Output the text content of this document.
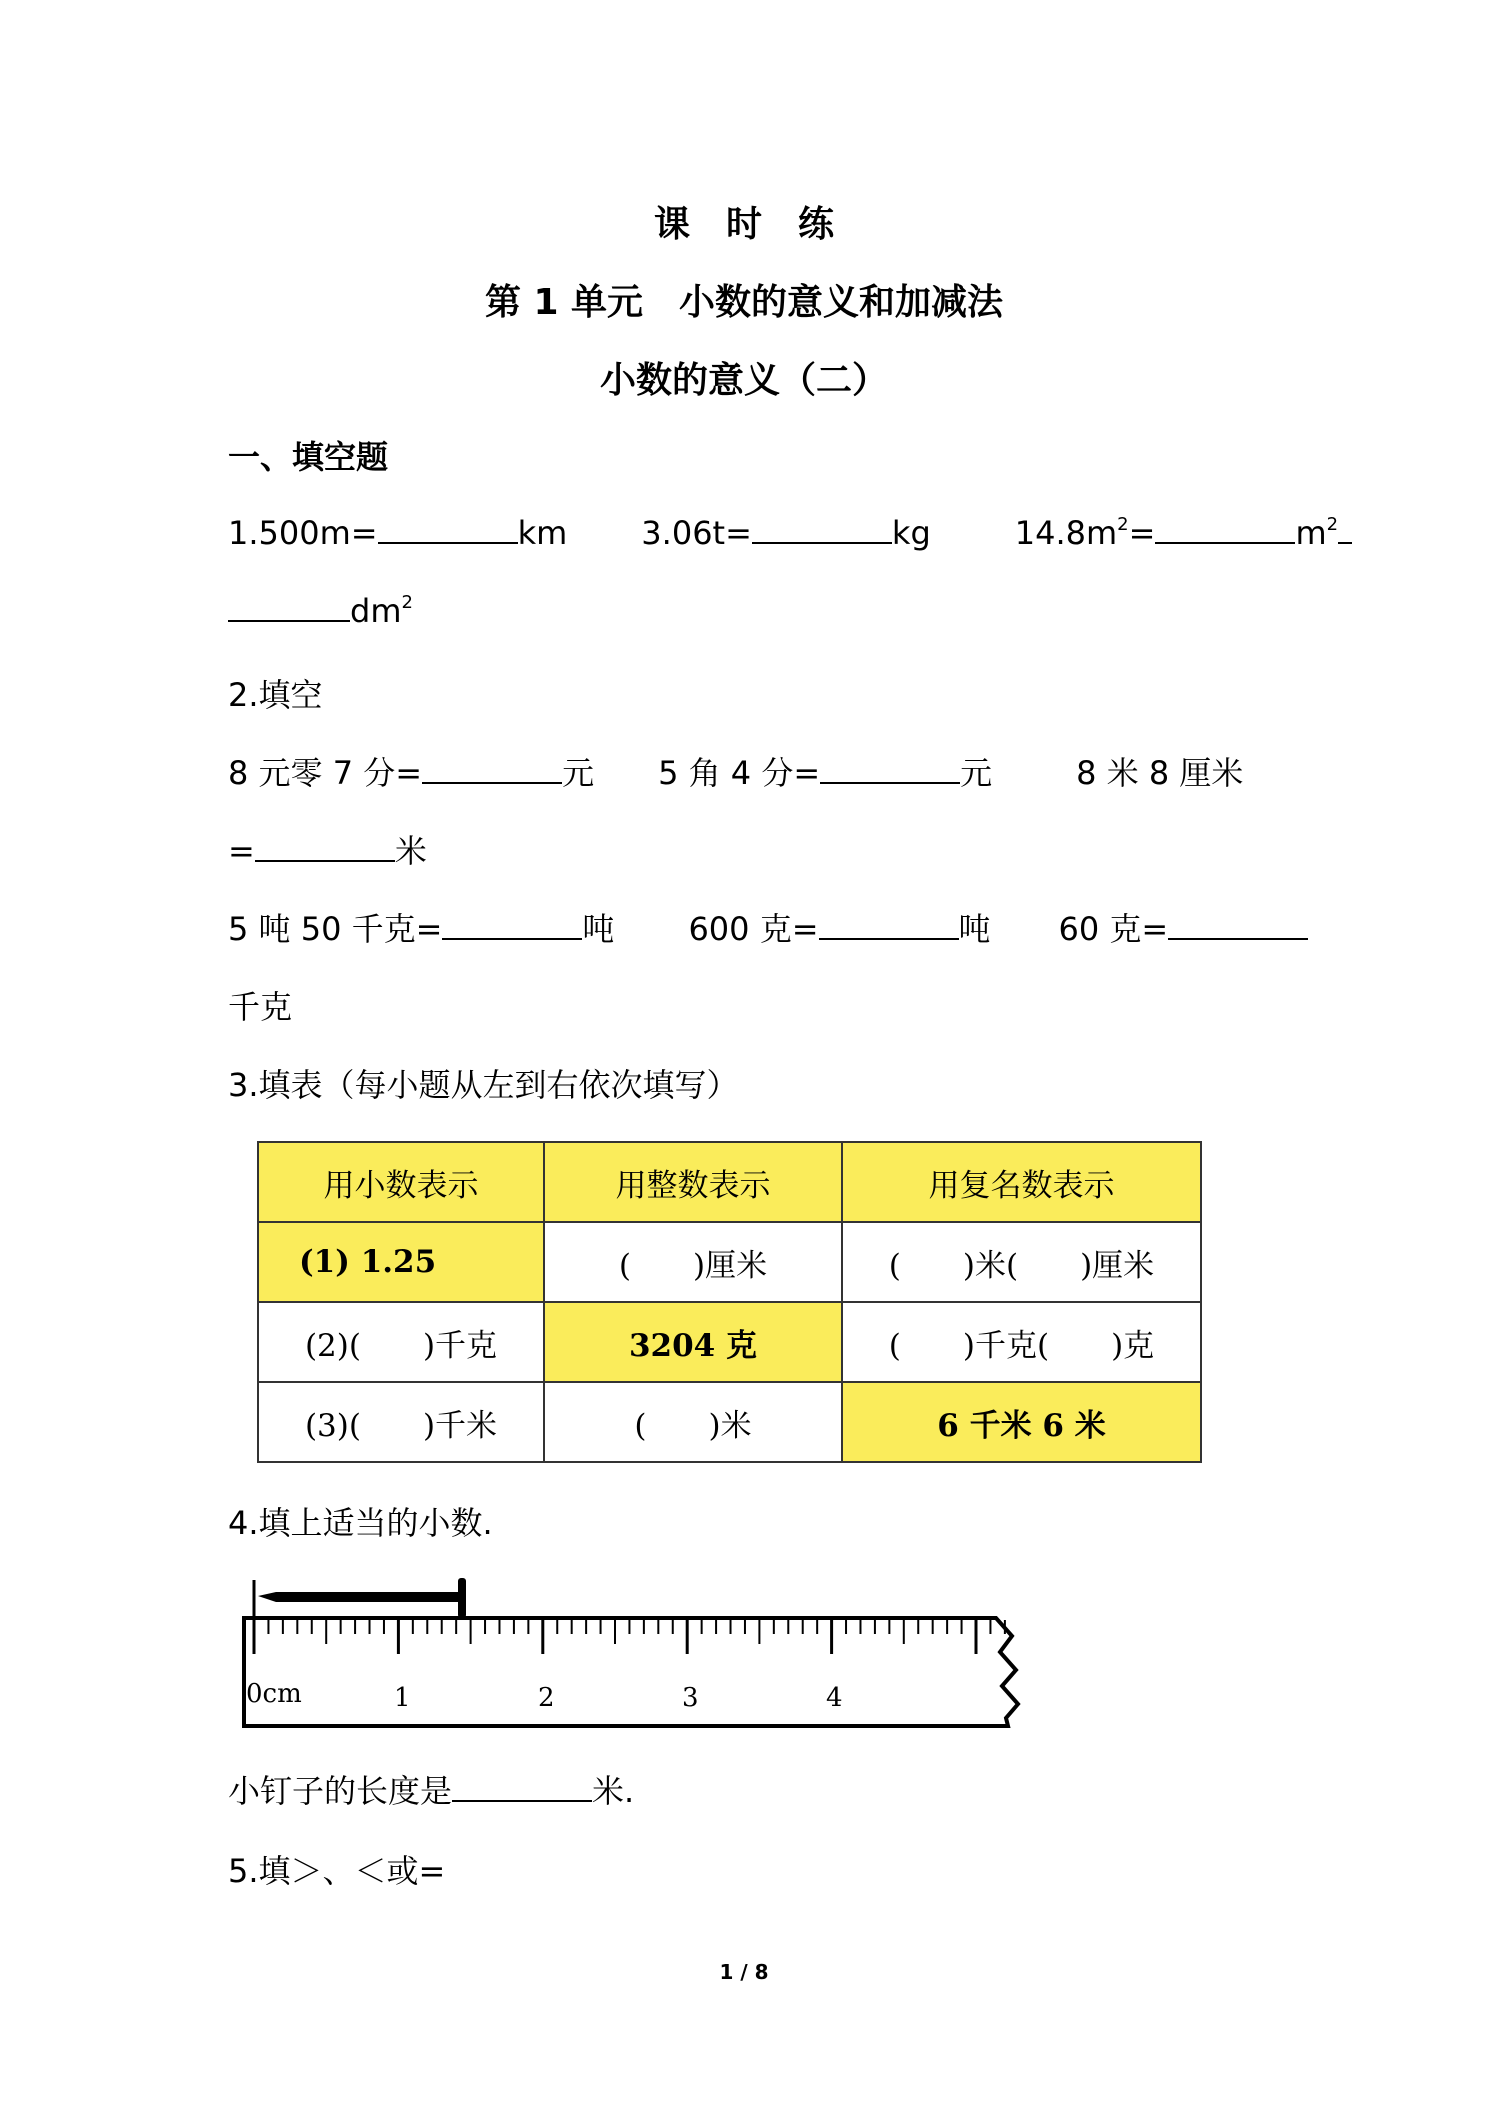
课　时　练
第 1 单元　小数的意义和加减法
小数的意义（二）
一、填空题
1.500m=	km 3.06t=	kg	$14.8m^2=$	$m^2$
$dm^2$
2.填空
8 元零 7 分=	元 5 角 4 分=	元	8 米 8 厘米
=	米
5 吨 50 千克=	吨 600 克=	吨 60 克=
千克
3.填表（每小题从左到右依次填写）
用小数表示	用整数表示	用复名数表示
(1) 1.25	(　　)厘米	(　　)米(　　)厘米
(2)(　　)千克	3204 克	(　　)千克(　　)克
(3)(　　)千米	(　　)米	6 千米 6 米
4.填上适当的小数.
0cm	1	2	3	4
小钉子的长度是	米.
5.填＞、＜或=
1 / 8
